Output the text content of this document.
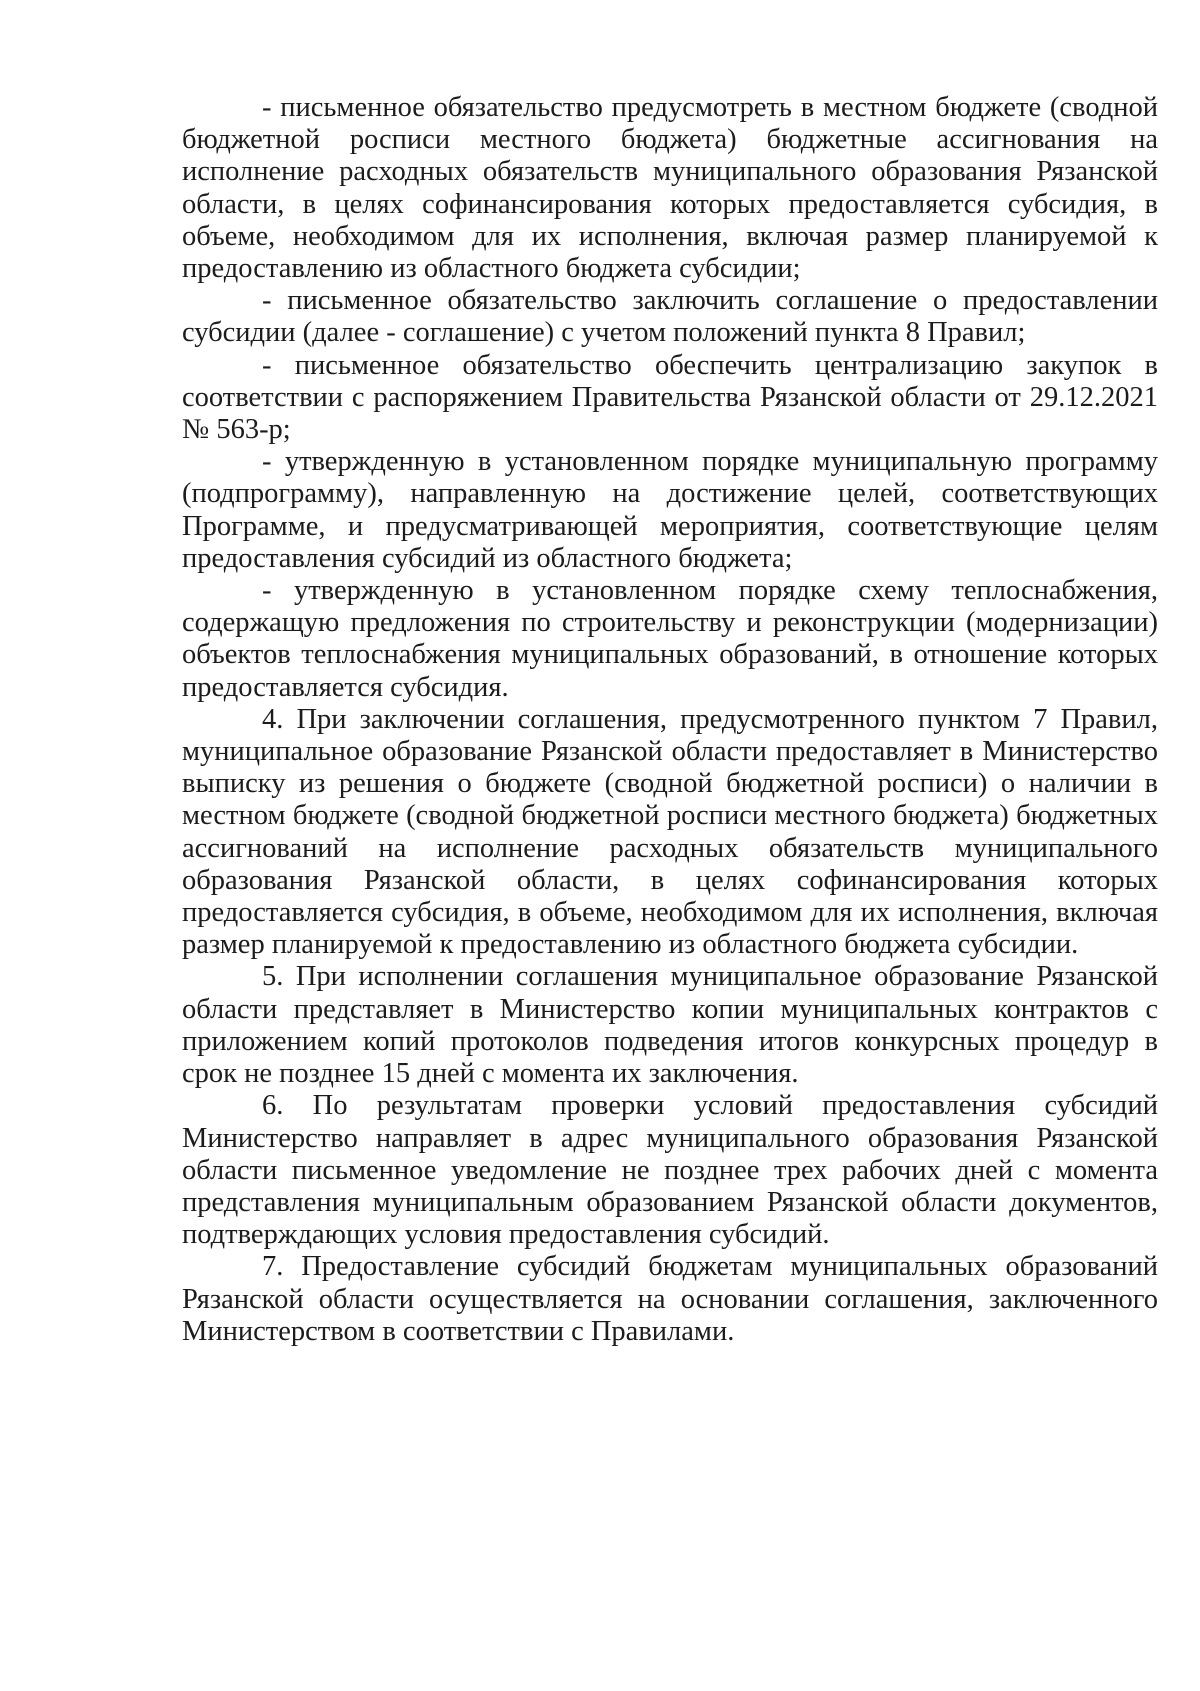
- письменное обязательство предусмотреть в местном бюджете (сводной бюджетной росписи местного бюджета) бюджетные ассигнования на исполнение расходных обязательств муниципального образования Рязанской области, в целях софинансирования которых предоставляется субсидия, в объеме, необходимом для их исполнения, включая размер планируемой к предоставлению из областного бюджета субсидии;

- письменное обязательство заключить соглашение о предоставлении субсидии (далее - соглашение) с учетом положений пункта 8 Правил;

- письменное обязательство обеспечить централизацию закупок в соответствии с распоряжением Правительства Рязанской области от 29.12.2021 № 563-р;

- утвержденную в установленном порядке муниципальную программу (подпрограмму), направленную на достижение целей, соответствующих Программе, и предусматривающей мероприятия, соответствующие целям предоставления субсидий из областного бюджета;

- утвержденную в установленном порядке схему теплоснабжения, содержащую предложения по строительству и реконструкции (модернизации) объектов теплоснабжения муниципальных образований, в отношение которых предоставляется субсидия.

4. При заключении соглашения, предусмотренного пунктом 7 Правил, муниципальное образование Рязанской области предоставляет в Министерство выписку из решения о бюджете (сводной бюджетной росписи) о наличии в местном бюджете (сводной бюджетной росписи местного бюджета) бюджетных ассигнований на исполнение расходных обязательств муниципального образования Рязанской области, в целях софинансирования которых предоставляется субсидия, в объеме, необходимом для их исполнения, включая размер планируемой к предоставлению из областного бюджета субсидии.

5. При исполнении соглашения муниципальное образование Рязанской области представляет в Министерство копии муниципальных контрактов с приложением копий протоколов подведения итогов конкурсных процедур в срок не позднее 15 дней с момента их заключения.

6. По результатам проверки условий предоставления субсидий Министерство направляет в адрес муниципального образования Рязанской области письменное уведомление не позднее трех рабочих дней с момента представления муниципальным образованием Рязанской области документов, подтверждающих условия предоставления субсидий.

7. Предоставление субсидий бюджетам муниципальных образований Рязанской области осуществляется на основании соглашения, заключенного Министерством в соответствии с Правилами.
